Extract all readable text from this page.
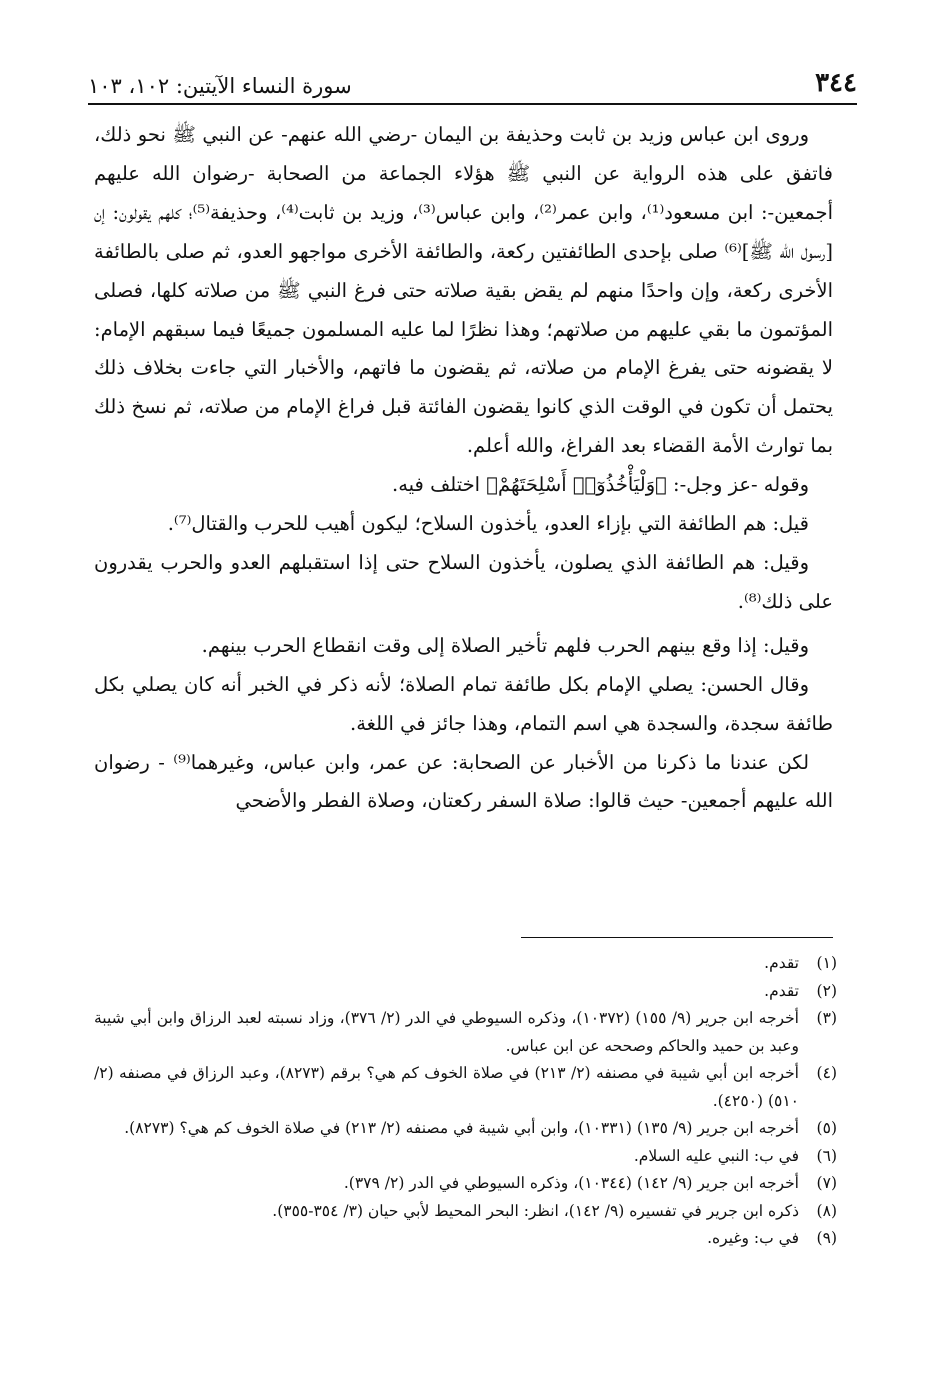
٣٤٤
سورة النساء الآيتين: ١٠٢، ١٠٣

وروى ابن عباس وزيد بن ثابت وحذيفة بن اليمان -رضي الله عنهم- عن النبي ﷺ نحو ذلك، فاتفق على هذه الرواية عن النبي ﷺ هؤلاء الجماعة من الصحابة -رضوان الله عليهم أجمعين-: ابن مسعود⁽¹⁾، وابن عمر⁽²⁾، وابن عباس⁽³⁾، وزيد بن ثابت⁽⁴⁾، وحذيفة⁽⁵⁾؛ كلهم يقولون: إن [رسول الله ﷺ]⁽⁶⁾ صلى بإحدى الطائفتين ركعة، والطائفة الأخرى مواجهو العدو، ثم صلى بالطائفة الأخرى ركعة، وإن واحدًا منهم لم يقض بقية صلاته حتى فرغ النبي ﷺ من صلاته كلها، فصلى المؤتمون ما بقي عليهم من صلاتهم؛ وهذا نظرًا لما عليه المسلمون جميعًا فيما سبقهم الإمام: لا يقضونه حتى يفرغ الإمام من صلاته، ثم يقضون ما فاتهم، والأخبار التي جاءت بخلاف ذلك يحتمل أن تكون في الوقت الذي كانوا يقضون الفائتة قبل فراغ الإمام من صلاته، ثم نسخ ذلك بما توارث الأمة القضاء بعد الفراغ، والله أعلم.

وقوله -عز وجل-: ﴿وَلْيَأْخُذُوٓا۟ أَسْلِحَتَهُمْ﴾ اختلف فيه.

قيل: هم الطائفة التي بإزاء العدو، يأخذون السلاح؛ ليكون أهيب للحرب والقتال⁽⁷⁾.

وقيل: هم الطائفة الذي يصلون، يأخذون السلاح حتى إذا استقبلهم العدو والحرب يقدرون على ذلك⁽⁸⁾.

وقيل: إذا وقع بينهم الحرب فلهم تأخير الصلاة إلى وقت انقطاع الحرب بينهم.

وقال الحسن: يصلي الإمام بكل طائفة تمام الصلاة؛ لأنه ذكر في الخبر أنه كان يصلي بكل طائفة سجدة، والسجدة هي اسم التمام، وهذا جائز في اللغة.

لكن عندنا ما ذكرنا من الأخبار عن الصحابة: عن عمر، وابن عباس، وغيرهما⁽⁹⁾ - رضوان الله عليهم أجمعين- حيث قالوا: صلاة السفر ركعتان، وصلاة الفطر والأضحي

(١)
تقدم.
(٢)
تقدم.
(٣)
أخرجه ابن جرير (٩/ ١٥٥) (١٠٣٧٢)، وذكره السيوطي في الدر (٢/ ٣٧٦)، وزاد نسبته لعبد الرزاق وابن أبي شيبة وعبد بن حميد والحاكم وصححه عن ابن عباس.
(٤)
أخرجه ابن أبي شيبة في مصنفه (٢/ ٢١٣) في صلاة الخوف كم هي؟ برقم (٨٢٧٣)، وعبد الرزاق في مصنفه (٢/ ٥١٠) (٤٢٥٠).
(٥)
أخرجه ابن جرير (٩/ ١٣٥) (١٠٣٣١)، وابن أبي شيبة في مصنفه (٢/ ٢١٣) في صلاة الخوف كم هي؟ (٨٢٧٣).
(٦)
في ب: النبي عليه السلام.
(٧)
أخرجه ابن جرير (٩/ ١٤٢) (١٠٣٤٤)، وذكره السيوطي في الدر (٢/ ٣٧٩).
(٨)
ذكره ابن جرير في تفسيره (٩/ ١٤٢)، انظر: البحر المحيط لأبي حيان (٣/ ٣٥٤-٣٥٥).
(٩)
في ب: وغيره.
